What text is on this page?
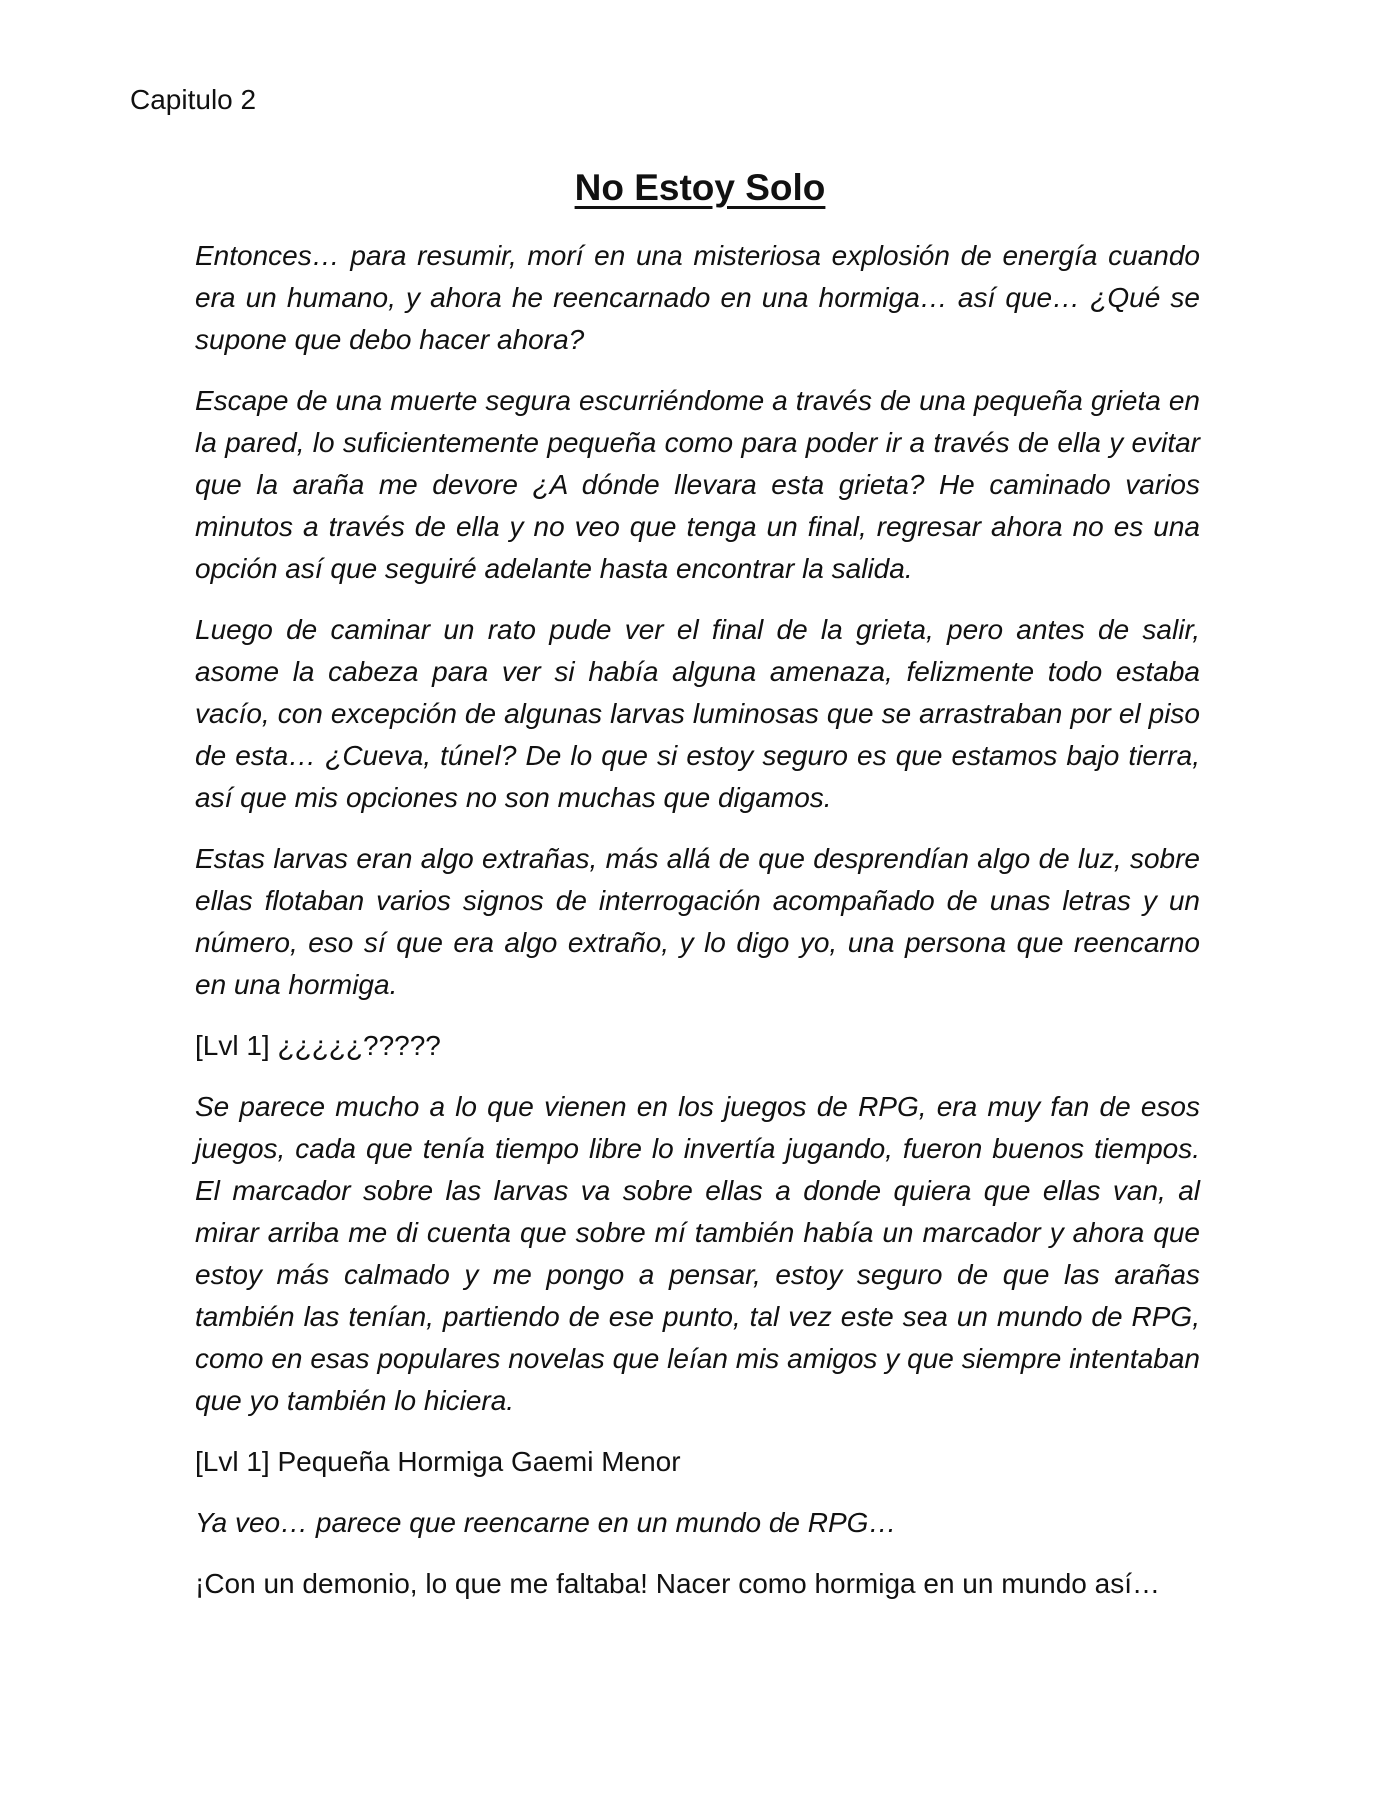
Capitulo 2

No Estoy Solo

Entonces… para resumir, morí en una misteriosa explosión de energía cuando era un humano, y ahora he reencarnado en una hormiga… así que… ¿Qué se supone que debo hacer ahora?

Escape de una muerte segura escurriéndome a través de una pequeña grieta en la pared, lo suficientemente pequeña como para poder ir a través de ella y evitar que la araña me devore ¿A dónde llevara esta grieta? He caminado varios minutos a través de ella y no veo que tenga un final, regresar ahora no es una opción así que seguiré adelante hasta encontrar la salida.

Luego de caminar un rato pude ver el final de la grieta, pero antes de salir, asome la cabeza para ver si había alguna amenaza, felizmente todo estaba vacío, con excepción de algunas larvas luminosas que se arrastraban por el piso de esta… ¿Cueva, túnel? De lo que si estoy seguro es que estamos bajo tierra, así que mis opciones no son muchas que digamos.

Estas larvas eran algo extrañas, más allá de que desprendían algo de luz, sobre ellas flotaban varios signos de interrogación acompañado de unas letras y un número, eso sí que era algo extraño, y lo digo yo, una persona que reencarno en una hormiga.

[Lvl 1] ¿¿¿¿¿?????

Se parece mucho a lo que vienen en los juegos de RPG, era muy fan de esos juegos, cada que tenía tiempo libre lo invertía jugando, fueron buenos tiempos. El marcador sobre las larvas va sobre ellas a donde quiera que ellas van, al mirar arriba me di cuenta que sobre mí también había un marcador y ahora que estoy más calmado y me pongo a pensar, estoy seguro de que las arañas también las tenían, partiendo de ese punto, tal vez este sea un mundo de RPG, como en esas populares novelas que leían mis amigos y que siempre intentaban que yo también lo hiciera.

[Lvl 1] Pequeña Hormiga Gaemi Menor

Ya veo… parece que reencarne en un mundo de RPG…

¡Con un demonio, lo que me faltaba! Nacer como hormiga en un mundo así…
